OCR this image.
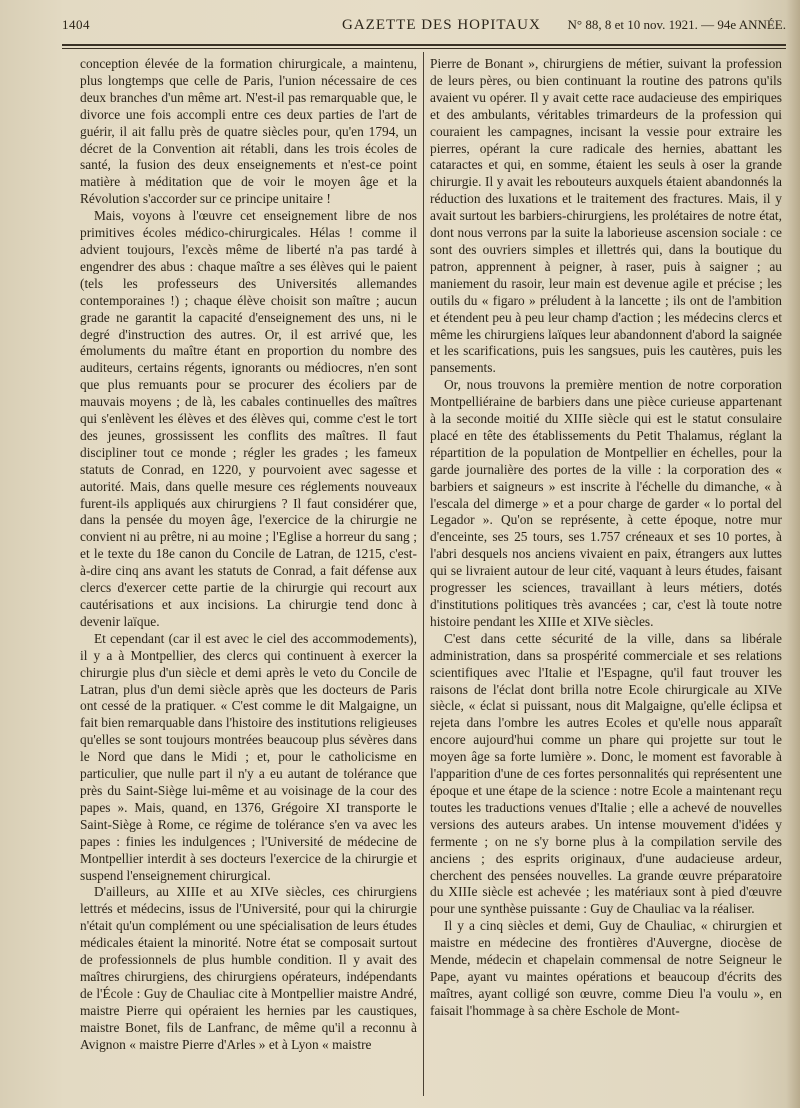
1404	GAZETTE DES HOPITAUX N° 88, 8 et 10 nov. 1921. — 94e ANNÉE.

conception élevée de la formation chirurgicale, a maintenu, plus longtemps que celle de Paris, l'union nécessaire de ces deux branches d'un même art. N'est-il pas remarquable que, le divorce une fois accompli entre ces deux parties de l'art de guérir, il ait fallu près de quatre siècles pour, qu'en 1794, un décret de la Convention ait rétabli, dans les trois écoles de santé, la fusion des deux enseignements et n'est-ce point matière à méditation que de voir le moyen âge et la Révolution s'accorder sur ce principe unitaire !

Mais, voyons à l'œuvre cet enseignement libre de nos primitives écoles médico-chirurgicales. Hélas ! comme il advient toujours, l'excès même de liberté n'a pas tardé à engendrer des abus : chaque maître a ses élèves qui le paient (tels les professeurs des Universités allemandes contemporaines !) ; chaque élève choisit son maître ; aucun grade ne garantit la capacité d'enseignement des uns, ni le degré d'instruction des autres. Or, il est arrivé que, les émoluments du maître étant en proportion du nombre des auditeurs, certains régents, ignorants ou médiocres, n'en sont que plus remuants pour se procurer des écoliers par de mauvais moyens ; de là, les cabales continuelles des maîtres qui s'enlèvent les élèves et des élèves qui, comme c'est le tort des jeunes, grossissent les conflits des maîtres. Il faut discipliner tout ce monde ; régler les grades ; les fameux statuts de Conrad, en 1220, y pourvoient avec sagesse et autorité. Mais, dans quelle mesure ces réglements nouveaux furent-ils appliqués aux chirurgiens ? Il faut considérer que, dans la pensée du moyen âge, l'exercice de la chirurgie ne convient ni au prêtre, ni au moine ; l'Eglise a horreur du sang ; et le texte du 18e canon du Concile de Latran, de 1215, c'est-à-dire cinq ans avant les statuts de Conrad, a fait défense aux clercs d'exercer cette partie de la chirurgie qui recourt aux cautérisations et aux incisions. La chirurgie tend donc à devenir laïque.

Et cependant (car il est avec le ciel des accommodements), il y a à Montpellier, des clercs qui continuent à exercer la chirurgie plus d'un siècle et demi après le veto du Concile de Latran, plus d'un demi siècle après que les docteurs de Paris ont cessé de la pratiquer. « C'est comme le dit Malgaigne, un fait bien remarquable dans l'histoire des institutions religieuses qu'elles se sont toujours montrées beaucoup plus sévères dans le Nord que dans le Midi ; et, pour le catholicisme en particulier, que nulle part il n'y a eu autant de tolérance que près du Saint-Siège lui-même et au voisinage de la cour des papes ». Mais, quand, en 1376, Grégoire XI transporte le Saint-Siège à Rome, ce régime de tolérance s'en va avec les papes : finies les indulgences ; l'Université de médecine de Montpellier interdit à ses docteurs l'exercice de la chirurgie et suspend l'enseignement chirurgical.

D'ailleurs, au XIIIe et au XIVe siècles, ces chirurgiens lettrés et médecins, issus de l'Université, pour qui la chirurgie n'était qu'un complément ou une spécialisation de leurs études médicales étaient la minorité. Notre état se composait surtout de professionnels de plus humble condition. Il y avait des maîtres chirurgiens, des chirurgiens opérateurs, indépendants de l'École : Guy de Chauliac cite à Montpellier maistre André, maistre Pierre qui opéraient les hernies par les caustiques, maistre Bonet, fils de Lanfranc, de même qu'il a reconnu à Avignon « maistre Pierre d'Arles » et à Lyon « maistre

Pierre de Bonant », chirurgiens de métier, suivant la profession de leurs pères, ou bien continuant la routine des patrons qu'ils avaient vu opérer. Il y avait cette race audacieuse des empiriques et des ambulants, véritables trimardeurs de la profession qui couraient les campagnes, incisant la vessie pour extraire les pierres, opérant la cure radicale des hernies, abattant les cataractes et qui, en somme, étaient les seuls à oser la grande chirurgie. Il y avait les rebouteurs auxquels étaient abandonnés la réduction des luxations et le traitement des fractures. Mais, il y avait surtout les barbiers-chirurgiens, les prolétaires de notre état, dont nous verrons par la suite la laborieuse ascension sociale : ce sont des ouvriers simples et illettrés qui, dans la boutique du patron, apprennent à peigner, à raser, puis à saigner ; au maniement du rasoir, leur main est devenue agile et précise ; les outils du « figaro » préludent à la lancette ; ils ont de l'ambition et étendent peu à peu leur champ d'action ; les médecins clercs et même les chirurgiens laïques leur abandonnent d'abord la saignée et les scarifications, puis les sangsues, puis les cautères, puis les pansements.

Or, nous trouvons la première mention de notre corporation Montpelliéraine de barbiers dans une pièce curieuse appartenant à la seconde moitié du XIIIe siècle qui est le statut consulaire placé en tête des établissements du Petit Thalamus, réglant la répartition de la population de Montpellier en échelles, pour la garde journalière des portes de la ville : la corporation des « barbiers et saigneurs » est inscrite à l'échelle du dimanche, « à l'escala del dimerge » et a pour charge de garder « lo portal del Legador ». Qu'on se représente, à cette époque, notre mur d'enceinte, ses 25 tours, ses 1.757 créneaux et ses 10 portes, à l'abri desquels nos anciens vivaient en paix, étrangers aux luttes qui se livraient autour de leur cité, vaquant à leurs études, faisant progresser les sciences, travaillant à leurs métiers, dotés d'institutions politiques très avancées ; car, c'est là toute notre histoire pendant les XIIIe et XIVe siècles.

C'est dans cette sécurité de la ville, dans sa libérale administration, dans sa prospérité commerciale et ses relations scientifiques avec l'Italie et l'Espagne, qu'il faut trouver les raisons de l'éclat dont brilla notre Ecole chirurgicale au XIVe siècle, « éclat si puissant, nous dit Malgaigne, qu'elle éclipsa et rejeta dans l'ombre les autres Ecoles et qu'elle nous apparaît encore aujourd'hui comme un phare qui projette sur tout le moyen âge sa forte lumière ». Donc, le moment est favorable à l'apparition d'une de ces fortes personnalités qui représentent une époque et une étape de la science : notre Ecole a maintenant reçu toutes les traductions venues d'Italie ; elle a achevé de nouvelles versions des auteurs arabes. Un intense mouvement d'idées y fermente ; on ne s'y borne plus à la compilation servile des anciens ; des esprits originaux, d'une audacieuse ardeur, cherchent des pensées nouvelles. La grande œuvre préparatoire du XIIIe siècle est achevée ; les matériaux sont à pied d'œuvre pour une synthèse puissante : Guy de Chauliac va la réaliser.

Il y a cinq siècles et demi, Guy de Chauliac, « chirurgien et maistre en médecine des frontières d'Auvergne, diocèse de Mende, médecin et chapelain commensal de notre Seigneur le Pape, ayant vu maintes opérations et beaucoup d'écrits des maîtres, ayant colligé son œuvre, comme Dieu l'a voulu », en faisait l'hommage à sa chère Eschole de Mont-
